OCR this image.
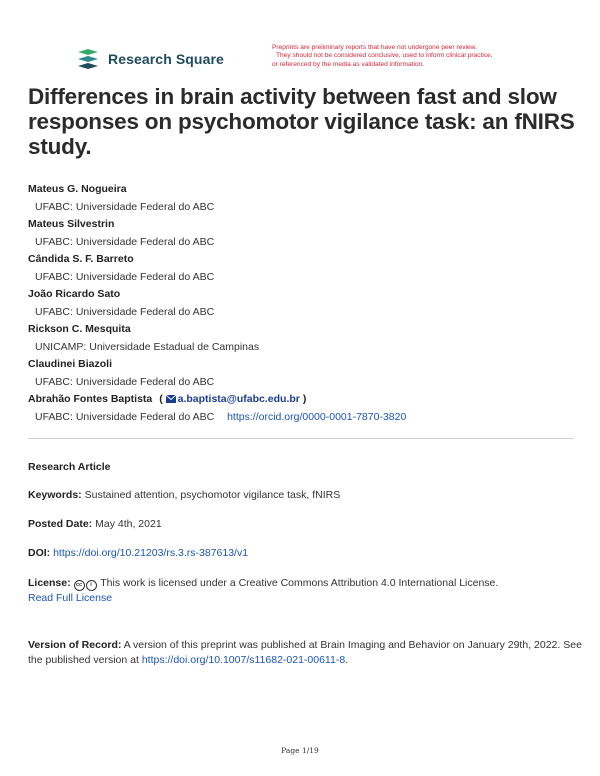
Research Square
Preprints are preliminary reports that have not undergone peer review.
They should not be considered conclusive, used to inform clinical practice,
or referenced by the media as validated information.
Differences in brain activity between fast and slow responses on psychomotor vigilance task: an fNIRS study.
Mateus G. Nogueira
UFABC: Universidade Federal do ABC
Mateus Silvestrin
UFABC: Universidade Federal do ABC
Cândida S. F. Barreto
UFABC: Universidade Federal do ABC
João Ricardo Sato
UFABC: Universidade Federal do ABC
Rickson C. Mesquita
UNICAMP: Universidade Estadual de Campinas
Claudinei Biazoli
UFABC: Universidade Federal do ABC
Abrahão Fontes Baptista ( a.baptista@ufabc.edu.br )
UFABC: Universidade Federal do ABC https://orcid.org/0000-0001-7870-3820
Research Article
Keywords: Sustained attention, psychomotor vigilance task, fNIRS
Posted Date: May 4th, 2021
DOI: https://doi.org/10.21203/rs.3.rs-387613/v1
License: cc i This work is licensed under a Creative Commons Attribution 4.0 International License.
Read Full License
Version of Record: A version of this preprint was published at Brain Imaging and Behavior on January 29th, 2022. See the published version at https://doi.org/10.1007/s11682-021-00611-8.
Page 1/19
